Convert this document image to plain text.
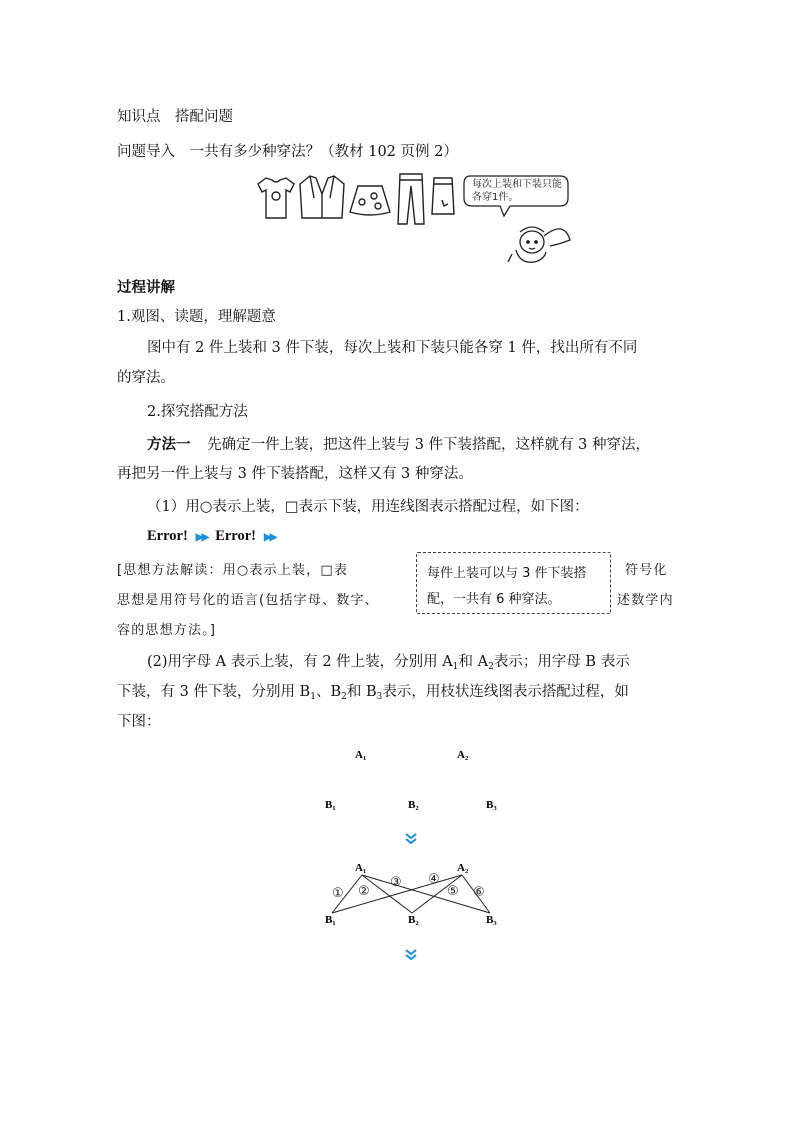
知识点　搭配问题
问题导入 一共有多少种穿法？（教材 102 页例 2）
每次上装和下装只能各穿1件。
过程讲解
1.观图、读题，理解题意
图中有 2 件上装和 3 件下装，每次上装和下装只能各穿 1 件，找出所有不同
的穿法。
2.探究搭配方法
方法一 先确定一件上装，把这件上装与 3 件下装搭配，这样就有 3 种穿法，
再把另一件上装与 3 件下装搭配，这样又有 3 种穿法。
（1）用○表示上装，□表示下装，用连线图表示搭配过程，如下图：
Error! ▶▶ Error! ▶▶
[思想方法解读：用○表示上装，□表	符号化
思想是用符号化的语言(包括字母、数字、	述数学内
容的思想方法。]
每件上装可以与 3 件下装搭配，一共有 6 种穿法。
(2)用字母 A 表示上装，有 2 件上装，分别用 $A_1$和 $A_2$表示；用字母 B 表示
下装，有 3 件下装，分别用 $B_1$、$B_2$和 $B_3$表示，用枝状连线图表示搭配过程，如
下图：
A₁	A₂
B₁	B₂	B₃
A₁	A₂
B₁	B₂	B₃
① ②
③ ④
⑤ ⑥
